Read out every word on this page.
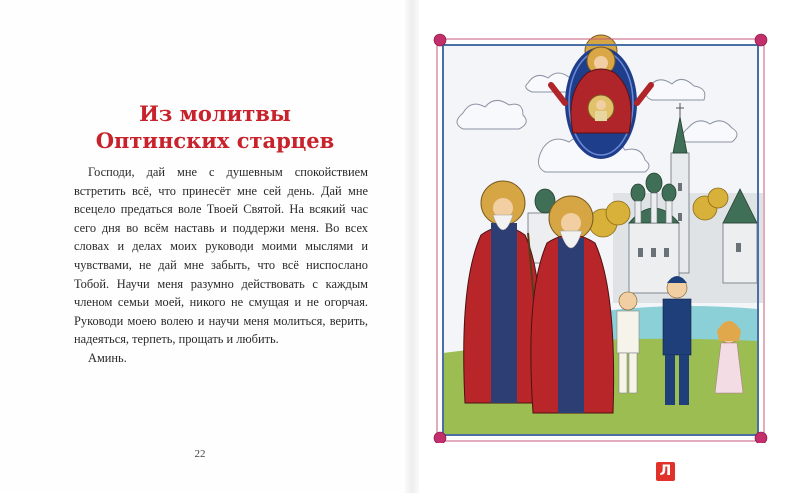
Из молитвы
Оптинских старцев

Господи, дай мне с душевным спокойствием встретить всё, что принесёт мне сей день. Дай мне всецело предаться воле Твоей Святой. На всякий час сего дня во всём наставь и поддержи меня. Во всех словах и делах моих руководи моими мыслями и чувствами, не дай мне забыть, что всё ниспослано Тобой. Научи меня разумно действовать с каждым членом семьи моей, никого не смущая и не огорчая. Руководи моею волею и научи меня молиться, верить, надеяться, терпеть, прощать и любить.

Аминь.

22
Л
